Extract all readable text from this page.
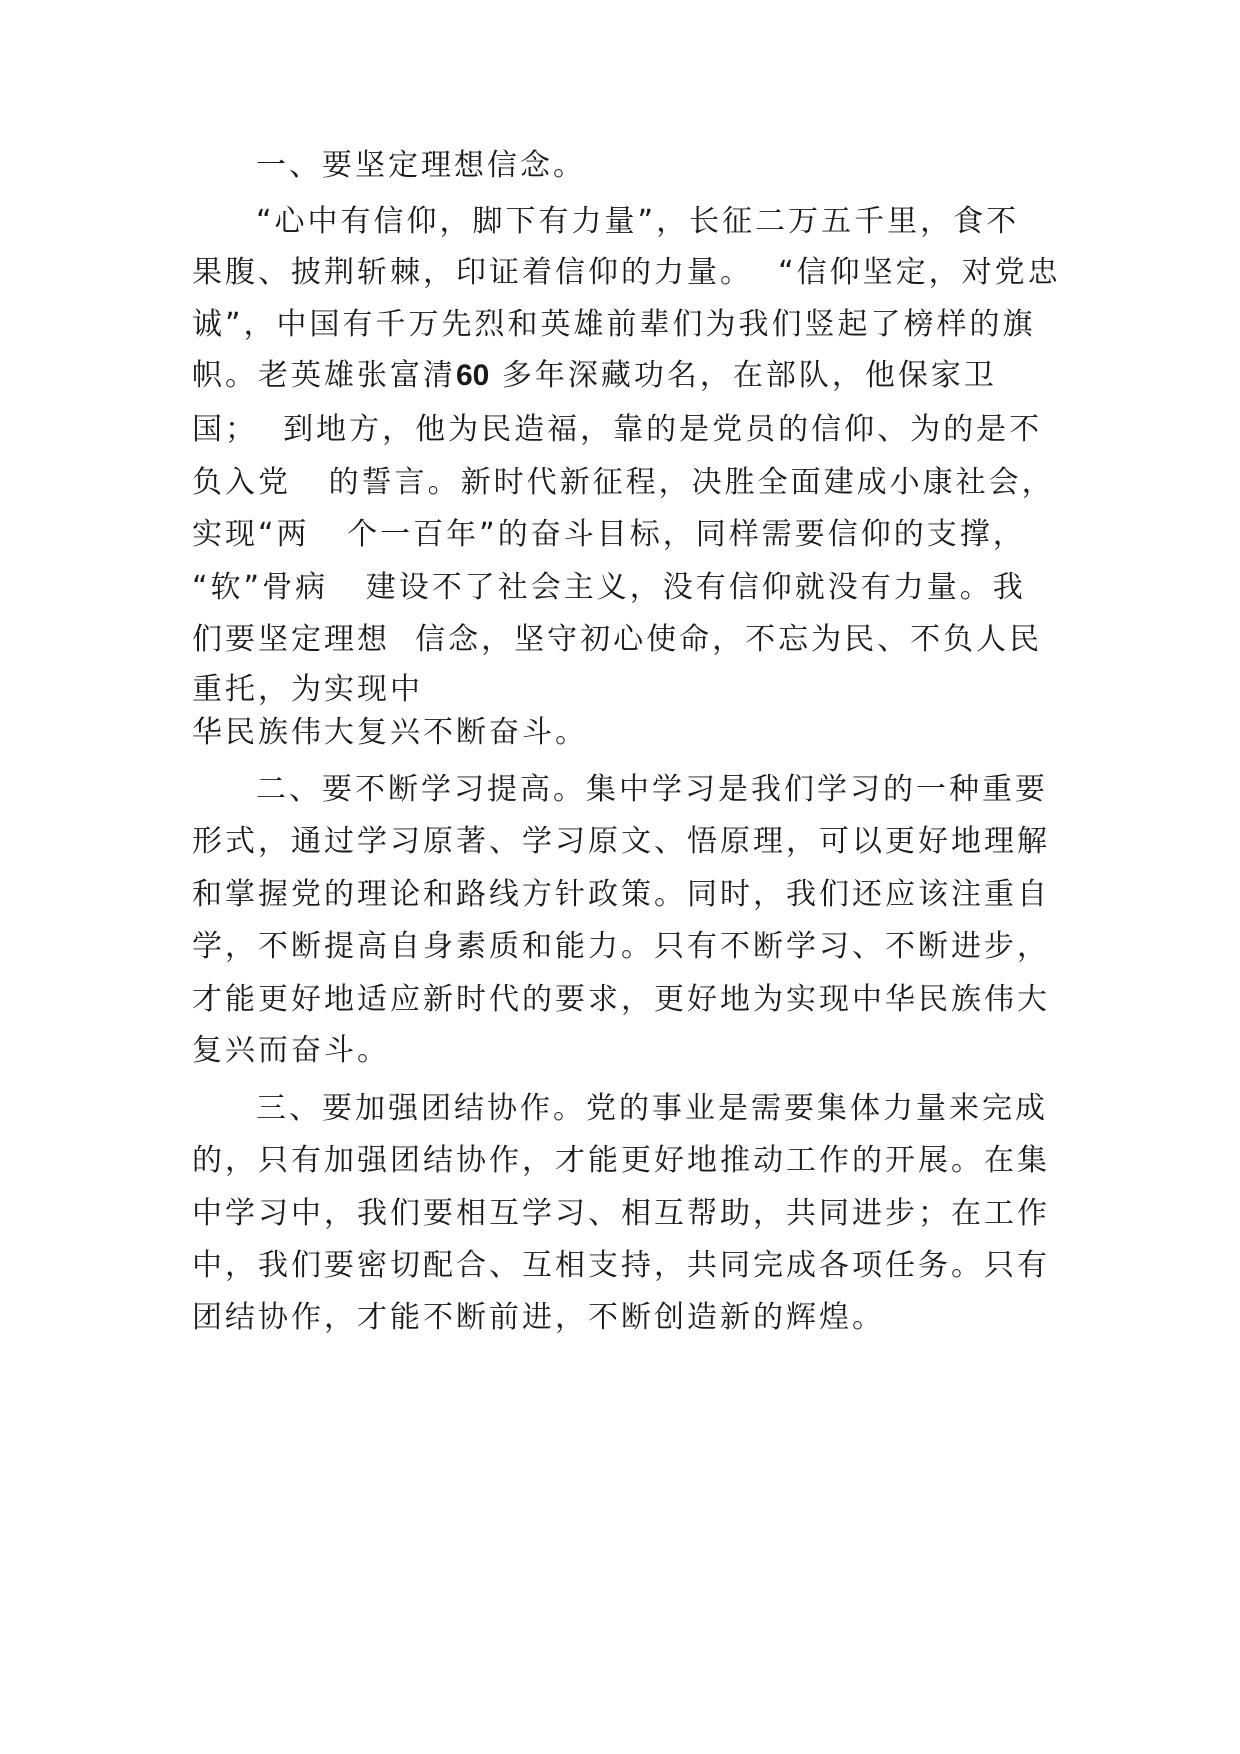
一、要坚定理想信念。

“心中有信仰，脚下有力量”，长征二万五千里，食不

果腹、披荆斩棘，印证着信仰的力量。  “信仰坚定，对党忠

诚”，中国有千万先烈和英雄前辈们为我们竖起了榜样的旗

帜。老英雄张富清60 多年深藏功名，在部队，他保家卫

国；  到地方，他为民造福，靠的是党员的信仰、为的是不

负入党   的誓言。新时代新征程，决胜全面建成小康社会，

实现“两   个一百年”的奋斗目标，同样需要信仰的支撑，

“软”骨病   建设不了社会主义，没有信仰就没有力量。我

们要坚定理想  信念，坚守初心使命，不忘为民、不负人民

重托，为实现中

华民族伟大复兴不断奋斗。

二、要不断学习提高。集中学习是我们学习的一种重要

形式，通过学习原著、学习原文、悟原理，可以更好地理解

和掌握党的理论和路线方针政策。同时，我们还应该注重自

学，不断提高自身素质和能力。只有不断学习、不断进步，

才能更好地适应新时代的要求，更好地为实现中华民族伟大

复兴而奋斗。

三、要加强团结协作。党的事业是需要集体力量来完成

的，只有加强团结协作，才能更好地推动工作的开展。在集

中学习中，我们要相互学习、相互帮助，共同进步；在工作

中，我们要密切配合、互相支持，共同完成各项任务。只有

团结协作，才能不断前进，不断创造新的辉煌。
